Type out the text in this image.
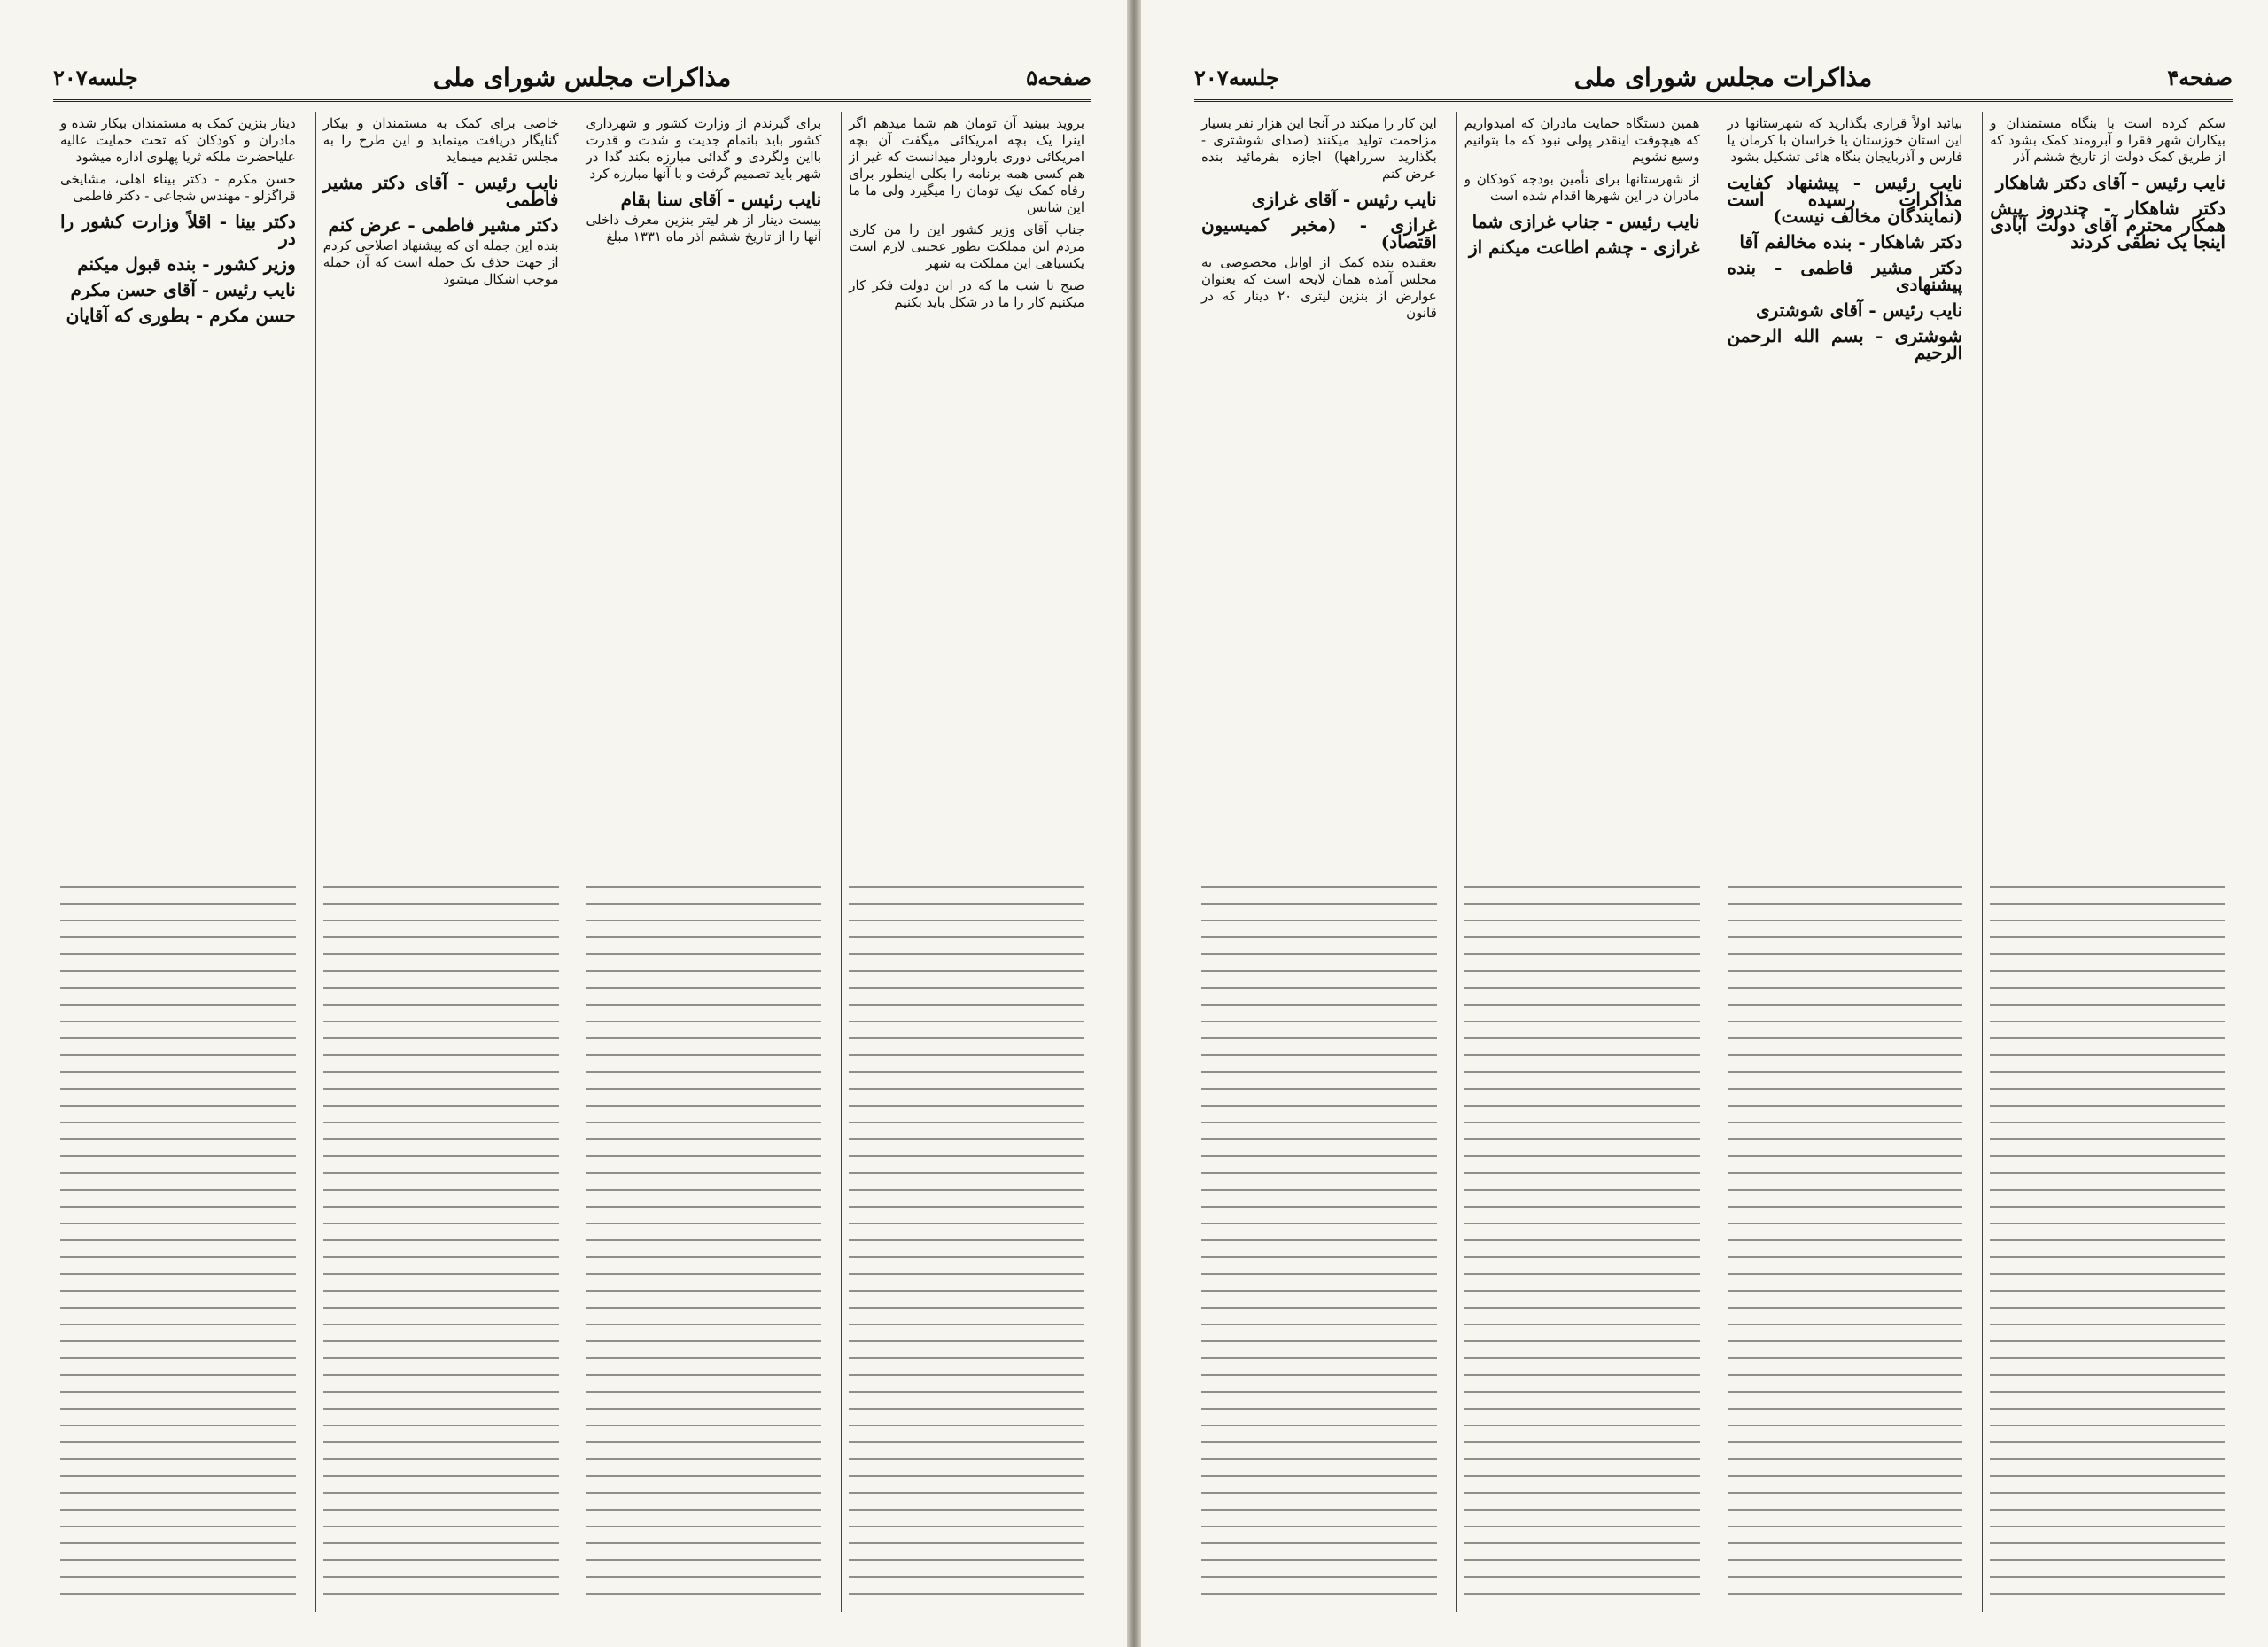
صفحه۵
مذاکرات مجلس شورای ملی
جلسه۲۰۷

بروید ببینید آن تومان هم شما میدهم اگر اینرا یک بچه امریکائی میگفت آن بچه امریکائی دوری بارودار میدانست که غیر از هم کسی همه برنامه را بکلی اینطور برای رفاه کمک نیک تومان را میگیرد ولی ما ما این شانس

جناب آقای وزیر کشور این را من کاری مردم این مملکت بطور عجیبی لازم است یکسیاهی این مملکت به شهر

صبح تا شب ما که در این دولت فکر کار میکنیم کار را ما در شکل باید بکنیم

برای گیرندم از وزارت کشور و شهرداری کشور باید باتمام جدیت و شدت و قدرت بااین ولگردی و گدائی مبارزه بکند گدا در شهر باید تصمیم گرفت و با آنها مبارزه کرد

نایب رئیس - آقای سنا بقام

بیست دینار از هر لیتر بنزین معرف داخلی آنها را از تاریخ ششم آذر ماه ۱۳۳۱ مبلغ

خاصی برای کمک به مستمندان و بیکار گنایگار دریافت مینماید و این طرح را به مجلس تقدیم مینماید

نایب رئیس - آقای دکتر مشیر فاطمی
دکتر مشیر فاطمی - عرض کنم

بنده این جمله ای که پیشنهاد اصلاحی کردم از جهت حذف یک جمله است که آن جمله موجب اشکال میشود

دینار بنزین کمک به مستمندان بیکار شده و مادران و کودکان که تحت حمایت عالیه علیاحضرت ملکه ثریا پهلوی اداره میشود

حسن مکرم - دکتر بیناء اهلی، مشایخی قراگزلو - مهندس شجاعی - دکتر فاطمی

دکتر بینا - اقلاً وزارت کشور را در
وزیر کشور - بنده قبول میکنم
نایب رئیس - آقای حسن مکرم
حسن مکرم - بطوری که آقایان
صفحه۴
مذاکرات مجلس شورای ملی
جلسه۲۰۷

سکم کرده است با بنگاه مستمندان و بیکاران شهر فقرا و آبرومند کمک بشود که از طریق کمک دولت از تاریخ ششم آذر

نایب رئیس - آقای دکتر شاهکار
دکتر شاهکار - چندروز پیش همکار محترم آقای دولت آبادی اینجا یک نطقی کردند

بیائید اولاً قراری بگذارید که شهرستانها در این استان خوزستان یا خراسان با کرمان یا فارس و آذربایجان بنگاه هائی تشکیل بشود

نایب رئیس - پیشنهاد کفایت مذاکرات رسیده است (نمایندگان مخالف نیست)
دکتر شاهکار - بنده مخالفم آقا
دکتر مشیر فاطمی - بنده پیشنهادی
نایب رئیس - آقای شوشتری
شوشتری - بسم الله الرحمن الرحیم

همین دستگاه حمایت مادران که امیدواریم که هیچوقت اینقدر پولی نبود که ما بتوانیم وسیع نشویم

از شهرستانها برای تأمین بودجه کودکان و مادران در این شهرها اقدام شده است

نایب رئیس - جناب غرازی شما
غرازی - چشم اطاعت میکنم از

این کار را میکند در آنجا این هزار نفر بسیار مزاحمت تولید میکنند (صدای شوشتری - بگذارید سرراهها) اجازه بفرمائید بنده عرض کنم

نایب رئیس - آقای غرازی
غرازی - (مخبر کمیسیون اقتصاد)

بعقیده بنده کمک از اوایل مخصوصی به مجلس آمده همان لایحه است که بعنوان عوارض از بنزین لیتری ۲۰ دینار که در قانون
